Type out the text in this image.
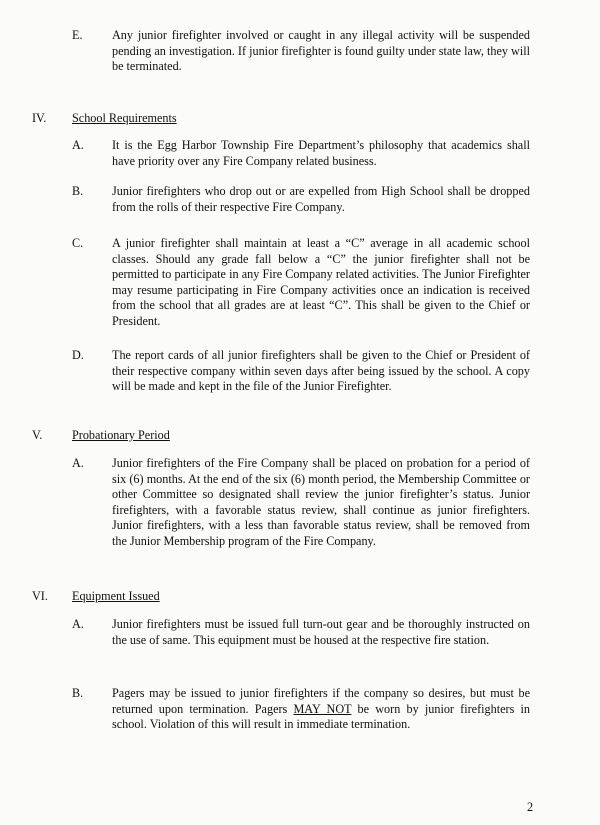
E. Any junior firefighter involved or caught in any illegal activity will be suspended pending an investigation. If junior firefighter is found guilty under state law, they will be terminated.
IV. School Requirements
A. It is the Egg Harbor Township Fire Department’s philosophy that academics shall have priority over any Fire Company related business.
B. Junior firefighters who drop out or are expelled from High School shall be dropped from the rolls of their respective Fire Company.
C. A junior firefighter shall maintain at least a “C” average in all academic school classes. Should any grade fall below a “C” the junior firefighter shall not be permitted to participate in any Fire Company related activities. The Junior Firefighter may resume participating in Fire Company activities once an indication is received from the school that all grades are at least “C”. This shall be given to the Chief or President.
D. The report cards of all junior firefighters shall be given to the Chief or President of their respective company within seven days after being issued by the school. A copy will be made and kept in the file of the Junior Firefighter.
V. Probationary Period
A. Junior firefighters of the Fire Company shall be placed on probation for a period of six (6) months. At the end of the six (6) month period, the Membership Committee or other Committee so designated shall review the junior firefighter’s status. Junior firefighters, with a favorable status review, shall continue as junior firefighters. Junior firefighters, with a less than favorable status review, shall be removed from the Junior Membership program of the Fire Company.
VI. Equipment Issued
A. Junior firefighters must be issued full turn-out gear and be thoroughly instructed on the use of same. This equipment must be housed at the respective fire station.
B. Pagers may be issued to junior firefighters if the company so desires, but must be returned upon termination. Pagers MAY NOT be worn by junior firefighters in school. Violation of this will result in immediate termination.
2
